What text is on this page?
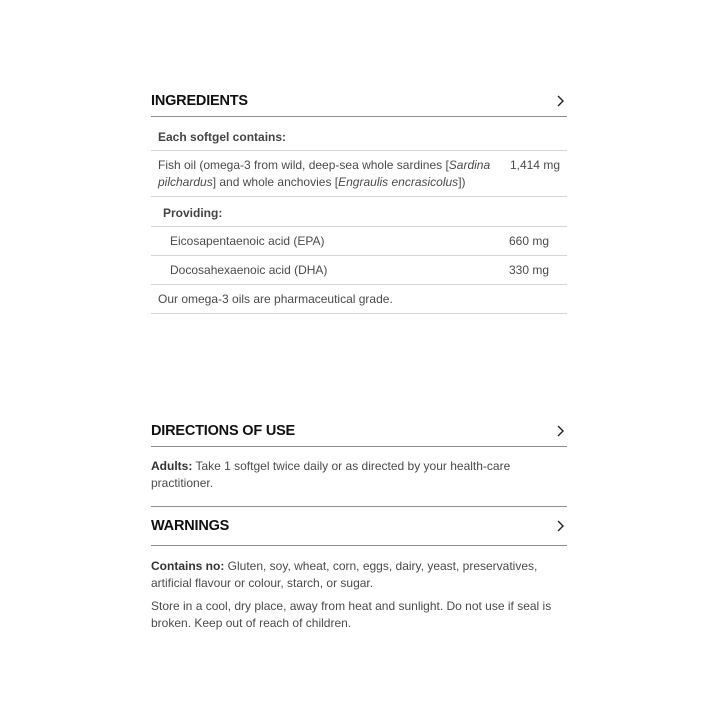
INGREDIENTS
Each softgel contains:
Fish oil (omega-3 from wild, deep-sea whole sardines [Sardina pilchardus] and whole anchovies [Engraulis encrasicolus])
1,414 mg
Providing:
Eicosapentaenoic acid (EPA)	660 mg
Docosahexaenoic acid (DHA)	330 mg
Our omega-3 oils are pharmaceutical grade.
DIRECTIONS OF USE

Adults: Take 1 softgel twice daily or as directed by your health-care practitioner.

WARNINGS

Contains no: Gluten, soy, wheat, corn, eggs, dairy, yeast, preservatives, artificial flavour or colour, starch, or sugar.

Store in a cool, dry place, away from heat and sunlight. Do not use if seal is broken. Keep out of reach of children.
